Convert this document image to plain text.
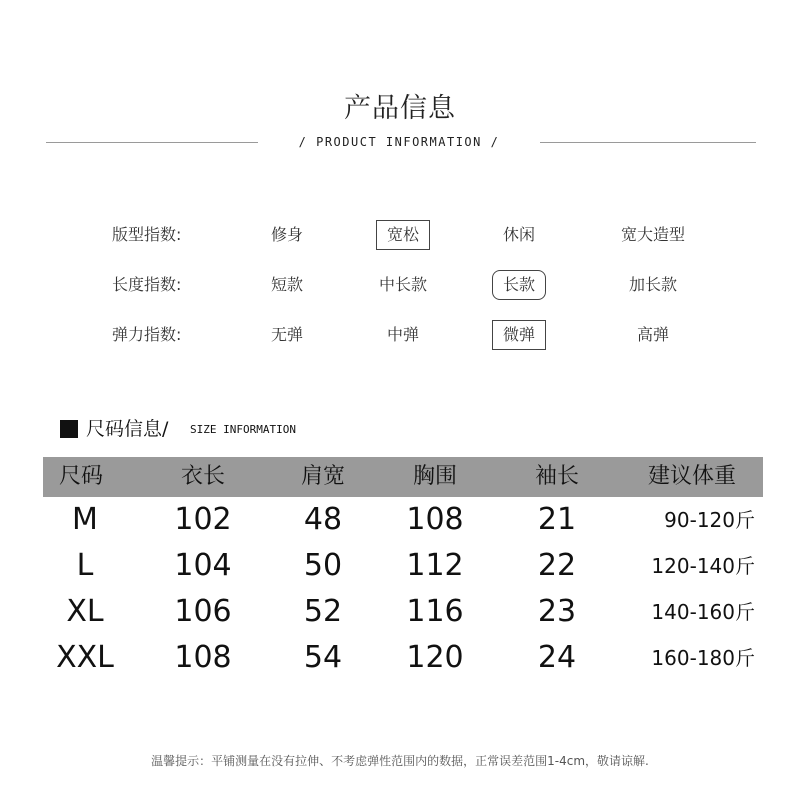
产品信息
/ PRODUCT INFORMATION /
版型指数:	修身	宽松	休闲	宽大造型
长度指数:	短款	中长款	长款	加长款
弹力指数:	无弹	中弹	微弹	高弹
尺码信息/ SIZE INFORMATION
尺码	衣长	肩宽	胸围	袖长	建议体重
M	102	48	108	21	90-120斤
L	104	50	112	22	120-140斤
XL	106	52	116	23	140-160斤
XXL	108	54	120	24	160-180斤
温馨提示：平铺测量在没有拉伸、不考虑弹性范围内的数据，正常误差范围1-4cm，敬请谅解.
